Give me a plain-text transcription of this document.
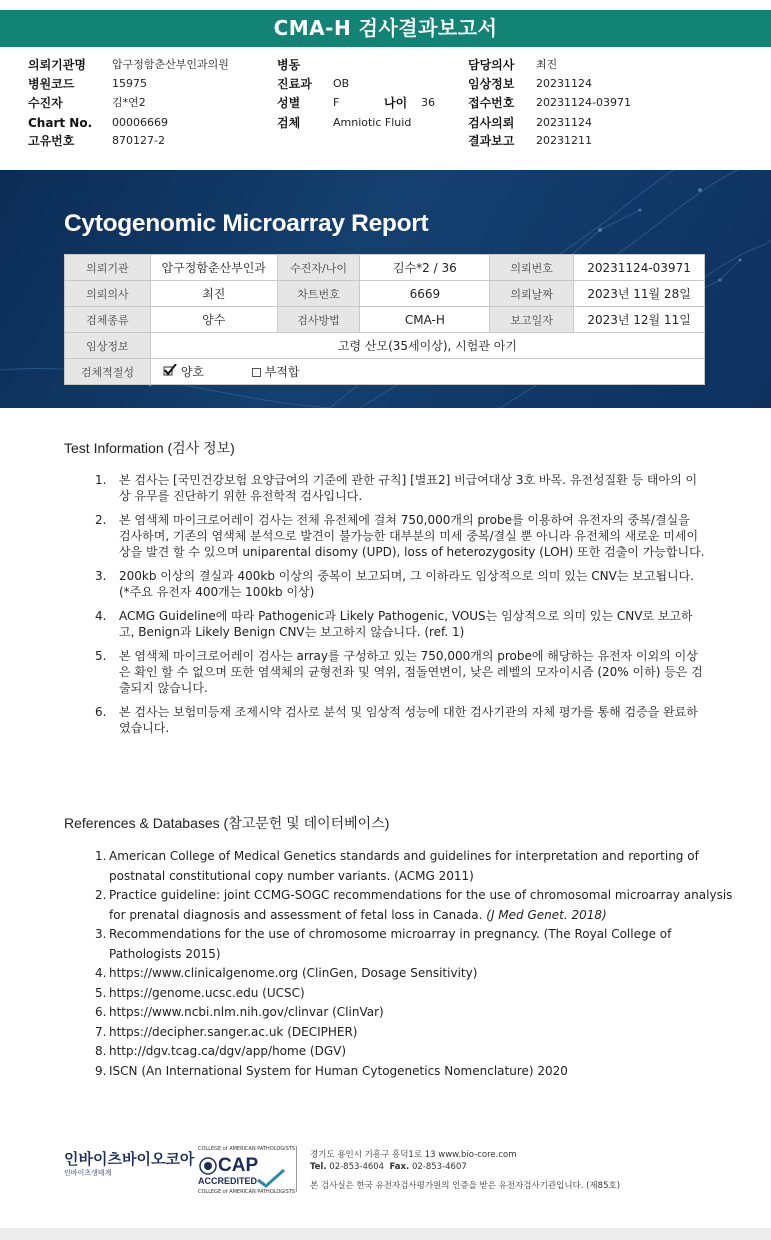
CMA-H 검사결과보고서
의뢰기관명 압구정함춘산부인과의원	병동	담당의사 최진
병원코드	15975	진료과 OB	임상정보 20231124
수진자	김*연2	성별	F	나이 36	접수번호 20231124-03971
Chart No. 00006669	검체	Amniotic Fluid	검사의뢰 20231124
고유번호	870127-2	결과보고 20231211
Cytogenomic Microarray Report
의뢰기관	압구정함춘산부인과	수진자/나이	김수*2 / 36	의뢰번호	20231124-03971
의뢰의사	최진	차트번호	6669	의뢰날짜	2023년 11월 28일
검체종류	양수	검사방법	CMA-H	보고일자	2023년 12월 11일
임상정보	고령 산모(35세이상), 시험관 아기				
검체적절성	양호 부적합				
Test Information (검사 정보)
1. 본 검사는 [국민건강보험 요양급여의 기준에 관한 규칙] [별표2] 비급여대상 3호 바목. 유전성질환 등 태아의 이상 유무를 진단하기 위한 유전학적 검사입니다.
2. 본 염색체 마이크로어레이 검사는 전체 유전체에 걸쳐 750,000개의 probe를 이용하여 유전자의 중복/결실을 검사하며, 기존의 염색체 분석으로 발견이 불가능한 대부분의 미세 중복/결실 뿐 아니라 유전체의 새로운 미세이상을 발견 할 수 있으며 uniparental disomy (UPD), loss of heterozygosity (LOH) 또한 검출이 가능합니다.
3. 200kb 이상의 결실과 400kb 이상의 중복이 보고되며, 그 이하라도 임상적으로 의미 있는 CNV는 보고됩니다. (*주요 유전자 400개는 100kb 이상)
4. ACMG Guideline에 따라 Pathogenic과 Likely Pathogenic, VOUS는 임상적으로 의미 있는 CNV로 보고하고, Benign과 Likely Benign CNV는 보고하지 않습니다. (ref. 1)
5. 본 염색체 마이크로어레이 검사는 array를 구성하고 있는 750,000개의 probe에 해당하는 유전자 이외의 이상은 확인 할 수 없으며 또한 염색체의 균형전좌 및 역위, 점돌연변이, 낮은 레벨의 모자이시즘 (20% 이하) 등은 검출되지 않습니다.
6. 본 검사는 보험미등재 조제시약 검사로 분석 및 임상적 성능에 대한 검사기관의 자체 평가를 통해 검증을 완료하였습니다.
References & Databases (참고문헌 및 데이터베이스)
1. American College of Medical Genetics standards and guidelines for interpretation and reporting of postnatal constitutional copy number variants. (ACMG 2011)
2. Practice guideline: joint CCMG-SOGC recommendations for the use of chromosomal microarray analysis for prenatal diagnosis and assessment of fetal loss in Canada. (J Med Genet. 2018)
3. Recommendations for the use of chromosome microarray in pregnancy. (The Royal College of Pathologists 2015)
4. https://www.clinicalgenome.org (ClinGen, Dosage Sensitivity)
5. https://genome.ucsc.edu (UCSC)
6. https://www.ncbi.nlm.nih.gov/clinvar (ClinVar)
7. https://decipher.sanger.ac.uk (DECIPHER)
8. http://dgv.tcag.ca/dgv/app/home (DGV)
9. ISCN (An International System for Human Cytogenetics Nomenclature) 2020
인바이츠바이오코아
인바이츠생태계
COLLEGE of AMERICAN PATHOLOGISTS
CAP
ACCREDITED
COLLEGE of AMERICAN PATHOLOGISTS
경기도 용인시 기흥구 흥덕1로 13 www.bio-core.com
Tel. 02-853-4604 Fax. 02-853-4607
본 검사실은 한국 유전자검사평가원의 인증을 받은 유전자검사기관입니다. (제85호)
